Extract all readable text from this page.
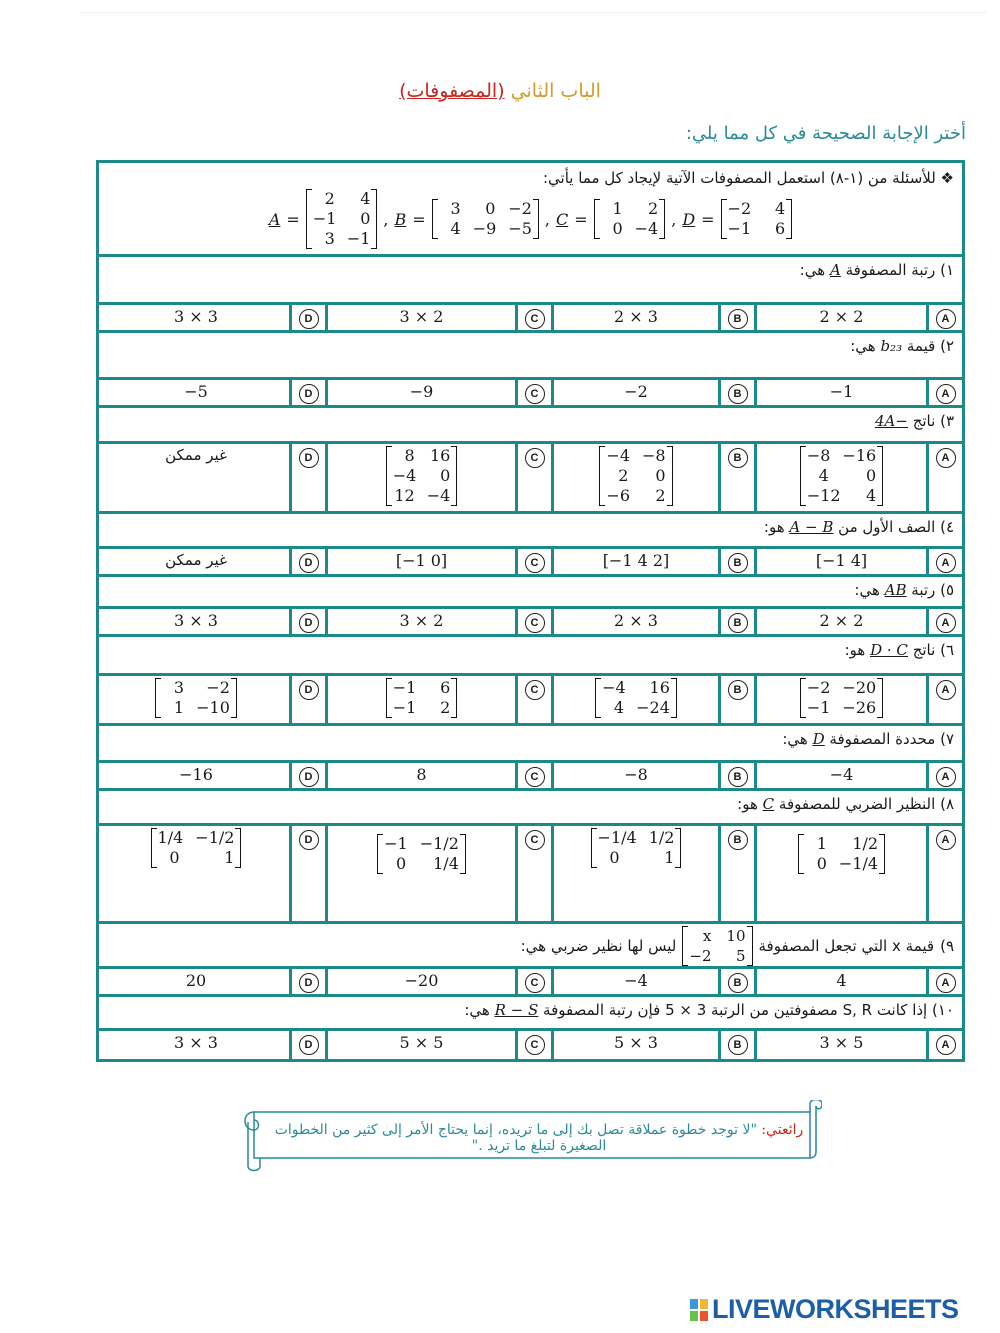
الباب الثاني (المصفوفات)
أختر الإجابة الصحيحة في كل مما يلي:
❖ للأسئلة من (١-٨) استعمل المصفوفات الآتية لإيجاد كل مما يأتي:
A =
2	4
−1	0
3 −1
, B =
3	0 −2
4 −9 −5 , C =
1	2
0 −4 , D =
−2	4
−1	6
١) رتبة المصفوفة A هي:
A
2 × 2
B
2 × 3
C
3 × 2
D
3 × 3
٢) قيمة b₂₃ هي:
A
−1
B
−2
C
−9
D
−5
٣) ناتج −4A
A
−8 −16
4	0
−12	4
B
−4 −8
2	0
−6	2
C
8 16
−4	0
12 −4
D
غير ممكن
٤) الصف الأول من A − B هو:
A
[−1 4]
B
[−1 4 2]
C
[−1 0]
D
غير ممكن
٥) رتبة AB هي:
A
2 × 2
B
2 × 3
C
3 × 2
D
3 × 3
٦) ناتج D · C هو:
A
−2 −20
−1 −26
B
−4 16
4 −24
C
−1	6
−1	2
D
3 −2
1 −10
٧) محددة المصفوفة D هي:
A
−4
B
−8
C
8
D
−16
٨) النظير الضربي للمصفوفة C هو:
A
1 1/2
0 −1/4
B
−1/4 1/2
0	1
C
−1 −1/2
0 1/4
D
1/4 −1/2
0	1
٩)
قيمة x التي تجعل المصفوفة
x 10
−2	5
ليس لها نظير ضربي هي:
A
4
B
−4
C
−20
D
20
١٠) إذا كانت S, R مصفوفتين من الرتبة 3 × 5 فإن رتبة المصفوفة R − S هي:
A
3 × 5
B
5 × 3
C
5 × 5
D
3 × 3
رائعتي: "لا توجد خطوة عملاقة تصل بك إلى ما تريده، إنما يحتاج الأمر إلى كثير من الخطوات الصغيرة لتبلغ ما تريد ."
LIVEWORKSHEETS
